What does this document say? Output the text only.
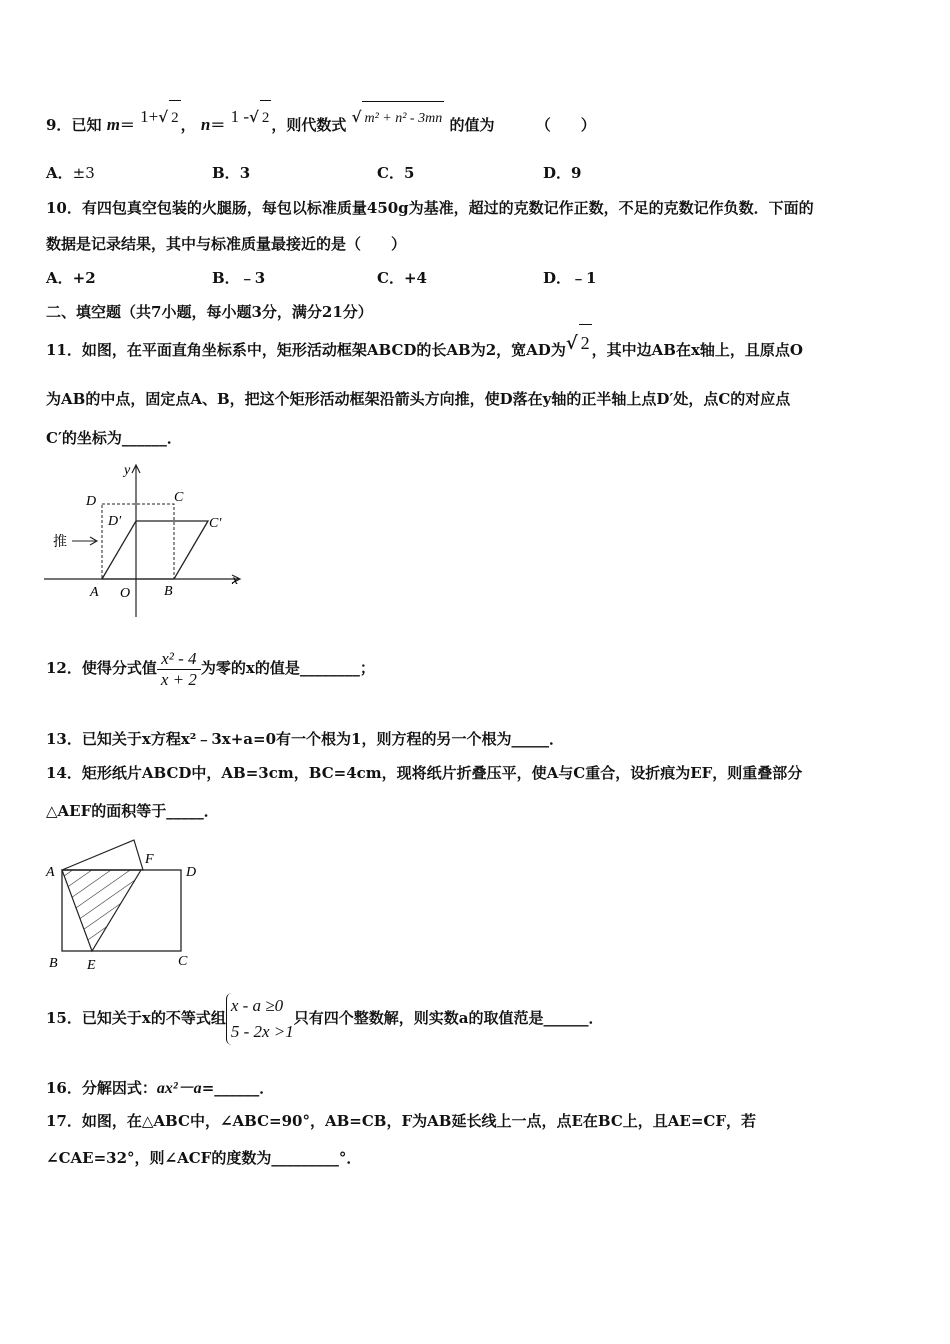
9．已知 m＝ 1+√ 2 ， n＝ 1 -√ 2 ，则代数式 √ m² + n² - 3mn 的值为	（　　）
A．±3	B．3	C．5	D．9
10．有四包真空包装的火腿肠，每包以标准质量450g为基准，超过的克数记作正数，不足的克数记作负数．下面的
数据是记录结果，其中与标准质量最接近的是（　　）
A．+2	B．﹣3	C．+4	D．﹣1
二、填空题（共7小题，每小题3分，满分21分）
11．如图，在平面直角坐标系中，矩形活动框架ABCD的长AB为2，宽AD为√ 2 ，其中边AB在x轴上，且原点O
为AB的中点，固定点A、B，把这个矩形活动框架沿箭头方向推，使D落在y轴的正半轴上点D′处，点C的对应点
C′的坐标为______．
推
y
x
D	C
D′	C′
A O B
12．使得分式值 $\frac{\text{x² - 4}}{x + 2}$ 为零的x的值是________；
13．已知关于x方程x²﹣3x+a=0有一个根为1，则方程的另一个根为_____．
14．矩形纸片ABCD中，AB=3cm，BC=4cm，现将纸片折叠压平，使A与C重合，设折痕为EF，则重叠部分
△AEF的面积等于_____．
A
F
D
B E	C
15．已知关于x的不等式组
x - a ≥0
5 - 2x >1
只有四个整数解，则实数a的取值范是______．
16．分解因式：ax²－a=______．
17．如图，在△ABC中，∠ABC=90°，AB=CB，F为AB延长线上一点，点E在BC上，且AE=CF，若
∠CAE=32°，则∠ACF的度数为_________°．
